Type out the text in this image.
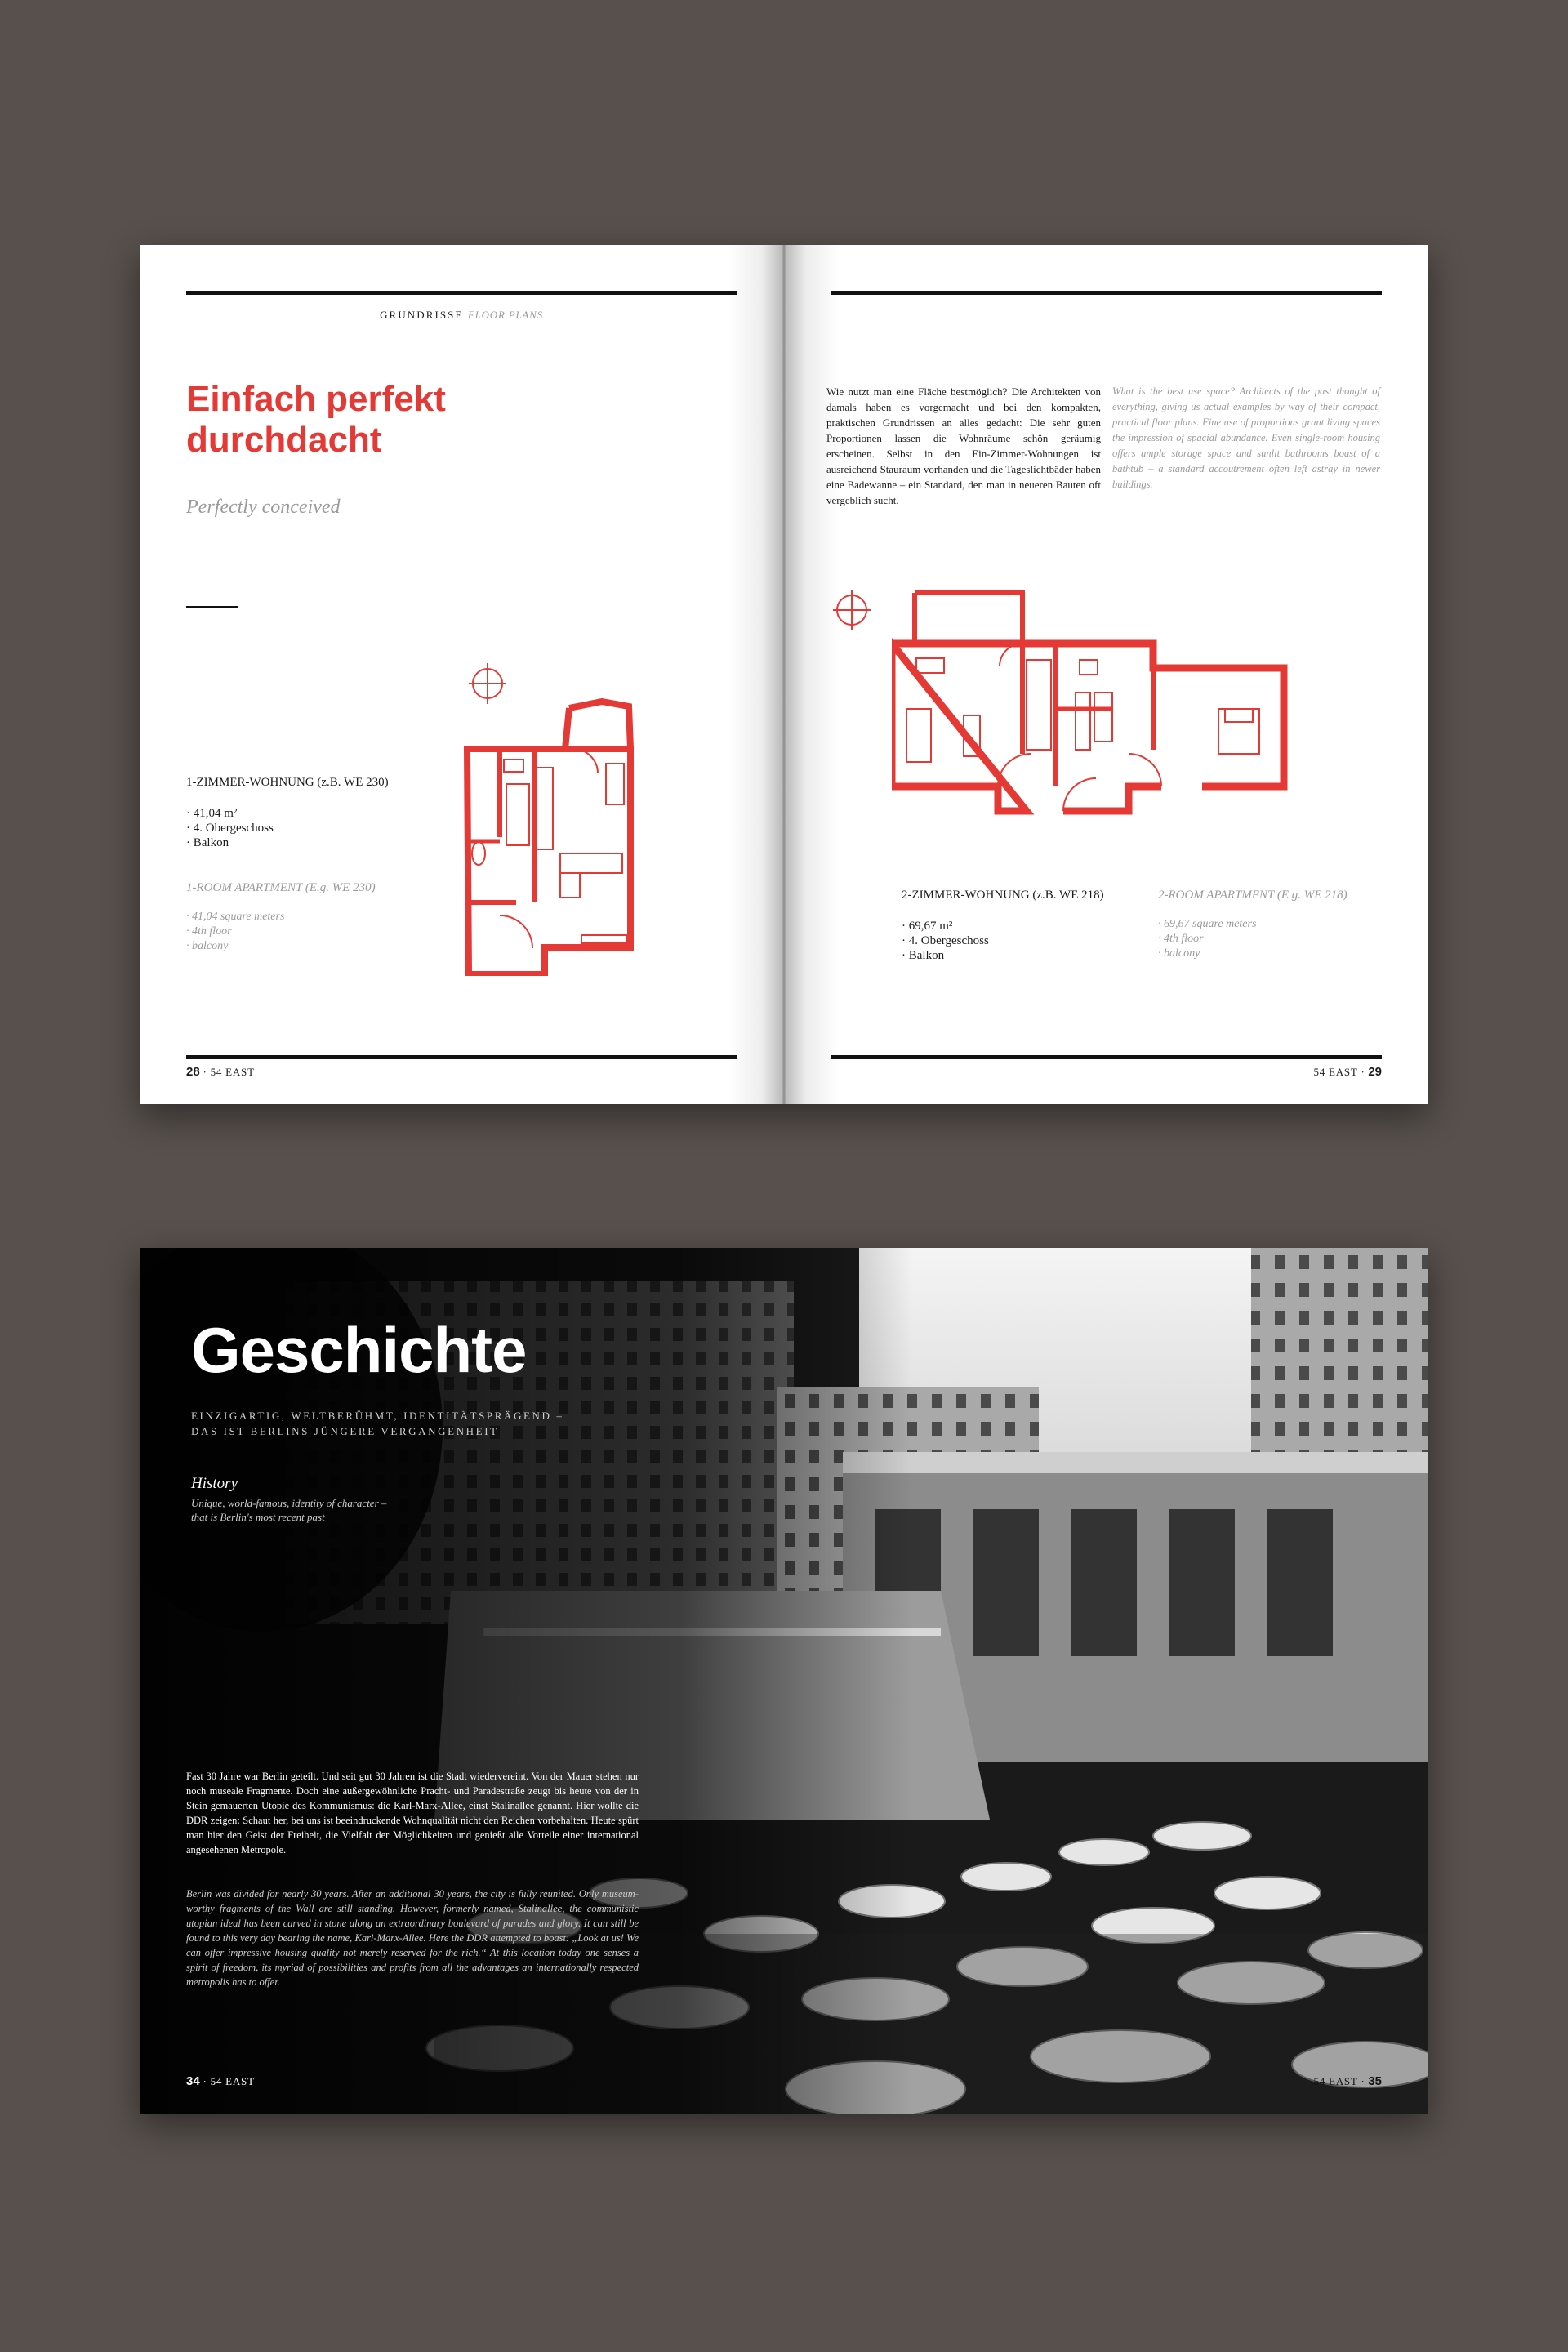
GRUNDRISSE FLOOR PLANS
Einfach perfekt
durchdacht
Perfectly conceived
1-ZIMMER-WOHNUNG (z.B. WE 230)
· 41,04 m²
· 4. Obergeschoss
· Balkon
1-ROOM APARTMENT (E.g. WE 230)
· 41,04 square meters
· 4th floor
· balcony
28 · 54 EAST
Wie nutzt man eine Fläche bestmöglich? Die Architekten von damals haben es vorgemacht und bei den kompakten, praktischen Grundrissen an alles gedacht: Die sehr guten Proportionen lassen die Wohnräume schön geräumig erscheinen. Selbst in den Ein-Zimmer-Wohnungen ist ausreichend Stauraum vorhanden und die Tageslichtbäder haben eine Badewanne – ein Standard, den man in neueren Bauten oft vergeblich sucht.
What is the best use space? Architects of the past thought of everything, giving us actual examples by way of their compact, practical floor plans. Fine use of proportions grant living spaces the impression of spacial abundance. Even single-room housing offers ample storage space and sunlit bathrooms boast of a bathtub – a standard accoutrement often left astray in newer buildings.
2-ZIMMER-WOHNUNG (z.B. WE 218)
· 69,67 m²
· 4. Obergeschoss
· Balkon
2-ROOM APARTMENT (E.g. WE 218)
· 69,67 square meters
· 4th floor
· balcony
54 EAST · 29
Geschichte
EINZIGARTIG, WELTBERÜHMT, IDENTITÄTSPRÄGEND –
DAS IST BERLINS JÜNGERE VERGANGENHEIT
History
Unique, world-famous, identity of character –
that is Berlin's most recent past
Fast 30 Jahre war Berlin geteilt. Und seit gut 30 Jahren ist die Stadt wiedervereint. Von der Mauer stehen nur noch museale Fragmente. Doch eine außergewöhnliche Pracht- und Paradestraße zeugt bis heute von der in Stein gemauerten Utopie des Kommunismus: die Karl-Marx-Allee, einst Stalinallee genannt. Hier wollte die DDR zeigen: Schaut her, bei uns ist beeindruckende Wohnqualität nicht den Reichen vorbehalten. Heute spürt man hier den Geist der Freiheit, die Vielfalt der Möglichkeiten und genießt alle Vorteile einer international angesehenen Metropole.
Berlin was divided for nearly 30 years. After an additional 30 years, the city is fully reunited. Only museum-worthy fragments of the Wall are still standing. However, formerly named, Stalinallee, the communistic utopian ideal has been carved in stone along an extraordinary boulevard of parades and glory. It can still be found to this very day bearing the name, Karl-Marx-Allee. Here the DDR attempted to boast: „Look at us! We can offer impressive housing quality not merely reserved for the rich.“ At this location today one senses a spirit of freedom, its myriad of possibilities and profits from all the advantages an internationally respected metropolis has to offer.
34 · 54 EAST	54 EAST · 35
